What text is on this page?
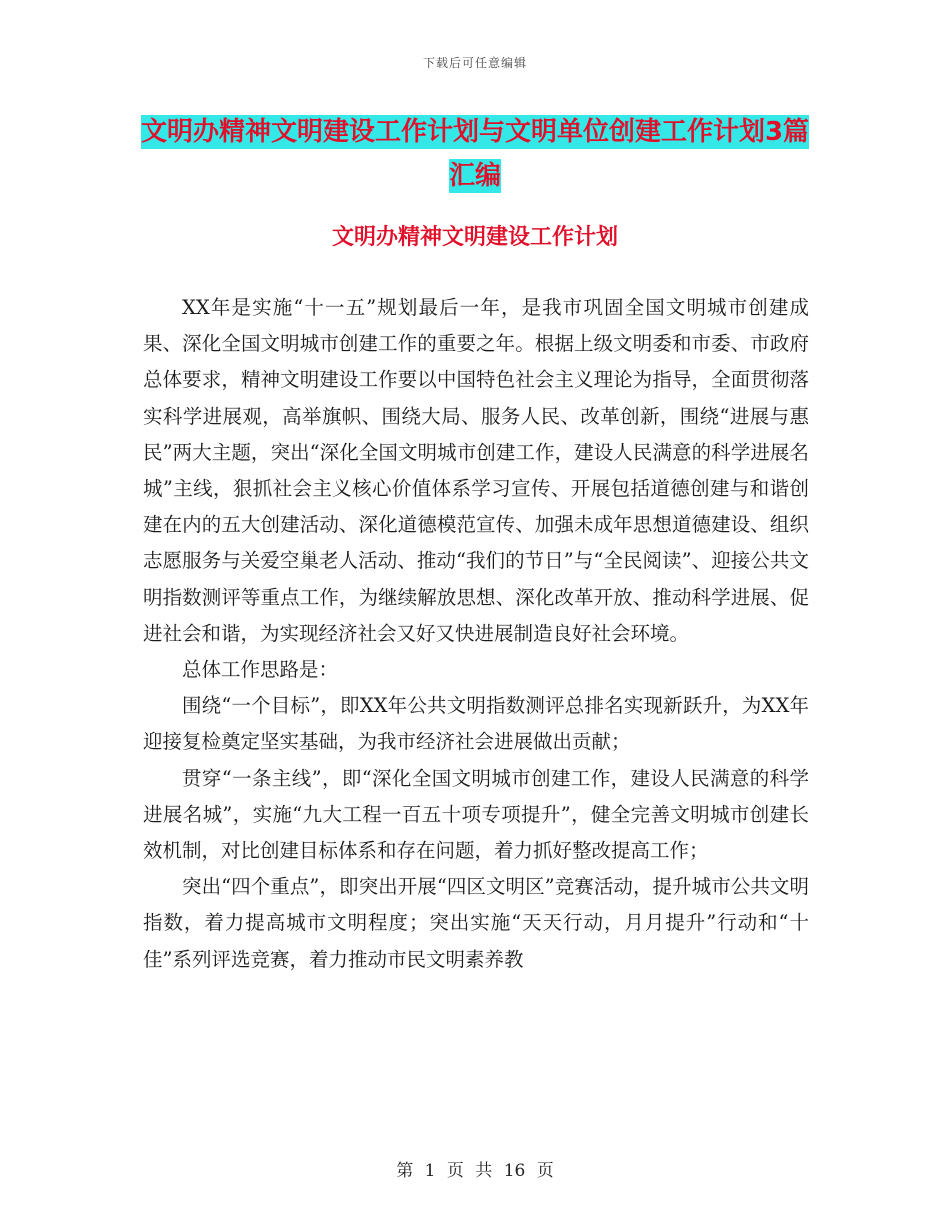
下载后可任意编辑
文明办精神文明建设工作计划与文明单位创建工作计划3篇汇编
文明办精神文明建设工作计划

XX年是实施“十一五”规划最后一年，是我市巩固全国文明城市创建成果、深化全国文明城市创建工作的重要之年。根据上级文明委和市委、市政府总体要求，精神文明建设工作要以中国特色社会主义理论为指导，全面贯彻落实科学进展观，高举旗帜、围绕大局、服务人民、改革创新，围绕“进展与惠民”两大主题，突出“深化全国文明城市创建工作，建设人民满意的科学进展名城”主线，狠抓社会主义核心价值体系学习宣传、开展包括道德创建与和谐创建在内的五大创建活动、深化道德模范宣传、加强未成年思想道德建设、组织志愿服务与关爱空巢老人活动、推动“我们的节日”与“全民阅读”、迎接公共文明指数测评等重点工作，为继续解放思想、深化改革开放、推动科学进展、促进社会和谐，为实现经济社会又好又快进展制造良好社会环境。

总体工作思路是：

围绕“一个目标”，即XX年公共文明指数测评总排名实现新跃升，为XX年迎接复检奠定坚实基础，为我市经济社会进展做出贡献；

贯穿“一条主线”，即“深化全国文明城市创建工作，建设人民满意的科学进展名城”，实施“九大工程一百五十项专项提升”，健全完善文明城市创建长效机制，对比创建目标体系和存在问题，着力抓好整改提高工作；

突出“四个重点”，即突出开展“四区文明区”竞赛活动，提升城市公共文明指数，着力提高城市文明程度；突出实施“天天行动，月月提升”行动和“十佳”系列评选竞赛，着力推动市民文明素养教

第 1 页 共 16 页
